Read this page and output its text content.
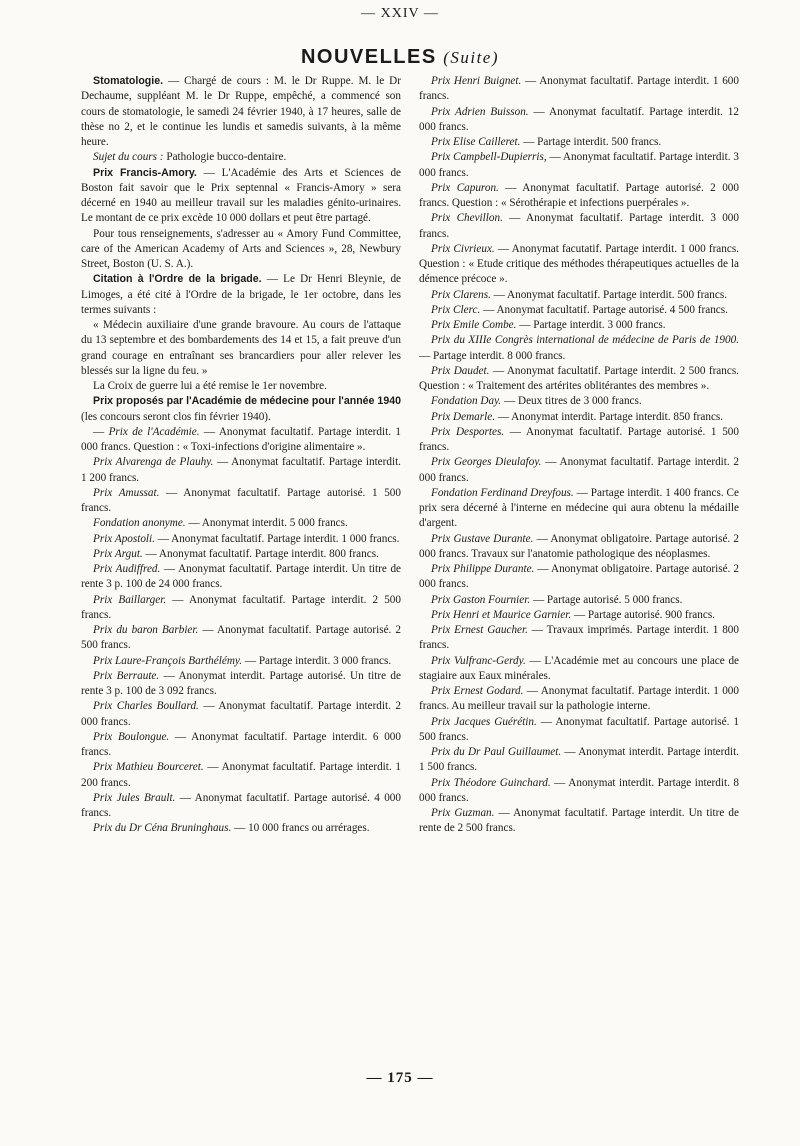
— XXIV —
NOUVELLES (Suite)

Stomatologie. — Chargé de cours : M. le Dr Ruppe. M. le Dr Dechaume, suppléant M. le Dr Ruppe, empêché, a commencé son cours de stomatologie, le samedi 24 février 1940, à 17 heures, salle de thèse no 2, et le continue les lundis et samedis suivants, à la même heure.

Sujet du cours : Pathologie bucco-dentaire.

Prix Francis-Amory. — L'Académie des Arts et Sciences de Boston fait savoir que le Prix septennal « Francis-Amory » sera décerné en 1940 au meilleur travail sur les maladies génito-urinaires. Le montant de ce prix excède 10 000 dollars et peut être partagé.

Pour tous renseignements, s'adresser au « Amory Fund Committee, care of the American Academy of Arts and Sciences », 28, Newbury Street, Boston (U. S. A.).

Citation à l'Ordre de la brigade. — Le Dr Henri Bleynie, de Limoges, a été cité à l'Ordre de la brigade, le 1er octobre, dans les termes suivants :

« Médecin auxiliaire d'une grande bravoure. Au cours de l'attaque du 13 septembre et des bombardements des 14 et 15, a fait preuve d'un grand courage en entraînant ses brancardiers pour aller relever les blessés sur la ligne du feu. »

La Croix de guerre lui a été remise le 1er novembre.

Prix proposés par l'Académie de médecine pour l'année 1940 (les concours seront clos fin février 1940).

— Prix de l'Académie. — Anonymat facultatif. Partage interdit. 1 000 francs. Question : « Toxi-infections d'origine alimentaire ».

Prix Alvarenga de Plauhy. — Anonymat facultatif. Partage interdit. 1 200 francs.

Prix Amussat. — Anonymat facultatif. Partage autorisé. 1 500 francs.

Fondation anonyme. — Anonymat interdit. 5 000 francs.

Prix Apostoli. — Anonymat facultatif. Partage interdit. 1 000 francs.

Prix Argut. — Anonymat facultatif. Partage interdit. 800 francs.

Prix Audiffred. — Anonymat facultatif. Partage interdit. Un titre de rente 3 p. 100 de 24 000 francs.

Prix Baillarger. — Anonymat facultatif. Partage interdit. 2 500 francs.

Prix du baron Barbier. — Anonymat facultatif. Partage autorisé. 2 500 francs.

Prix Laure-François Barthélémy. — Partage interdit. 3 000 francs.

Prix Berraute. — Anonymat interdit. Partage autorisé. Un titre de rente 3 p. 100 de 3 092 francs.

Prix Charles Boullard. — Anonymat facultatif. Partage interdit. 2 000 francs.

Prix Boulongue. — Anonymat facultatif. Partage interdit. 6 000 francs.

Prix Mathieu Bourceret. — Anonymat facultatif. Partage interdit. 1 200 francs.

Prix Jules Brault. — Anonymat facultatif. Partage autorisé. 4 000 francs.

Prix du Dr Céna Bruninghaus. — 10 000 francs ou arrérages.

Prix Henri Buignet. — Anonymat facultatif. Partage interdit. 1 600 francs.

Prix Adrien Buisson. — Anonymat facultatif. Partage interdit. 12 000 francs.

Prix Elise Cailleret. — Partage interdit. 500 francs.

Prix Campbell-Dupierris, — Anonymat facultatif. Partage interdit. 3 000 francs.

Prix Capuron. — Anonymat facultatif. Partage autorisé. 2 000 francs. Question : « Sérothérapie et infections puerpérales ».

Prix Chevillon. — Anonymat facultatif. Partage interdit. 3 000 francs.

Prix Civrieux. — Anonymat facutatif. Partage interdit. 1 000 francs. Question : « Etude critique des méthodes thérapeutiques actuelles de la démence précoce ».

Prix Clarens. — Anonymat facultatif. Partage interdit. 500 francs.

Prix Clerc. — Anonymat facultatif. Partage autorisé. 4 500 francs.

Prix Emile Combe. — Partage interdit. 3 000 francs.

Prix du XIIIe Congrès international de médecine de Paris de 1900. — Partage interdit. 8 000 francs.

Prix Daudet. — Anonymat facultatif. Partage interdit. 2 500 francs. Question : « Traitement des artérites oblitérantes des membres ».

Fondation Day. — Deux titres de 3 000 francs.

Prix Demarle. — Anonymat interdit. Partage interdit. 850 francs.

Prix Desportes. — Anonymat facultatif. Partage autorisé. 1 500 francs.

Prix Georges Dieulafoy. — Anonymat facultatif. Partage interdit. 2 000 francs.

Fondation Ferdinand Dreyfous. — Partage interdit. 1 400 francs. Ce prix sera décerné à l'interne en médecine qui aura obtenu la médaille d'argent.

Prix Gustave Durante. — Anonymat obligatoire. Partage autorisé. 2 000 francs. Travaux sur l'anatomie pathologique des néoplasmes.

Prix Philippe Durante. — Anonymat obligatoire. Partage autorisé. 2 000 francs.

Prix Gaston Fournier. — Partage autorisé. 5 000 francs.

Prix Henri et Maurice Garnier. — Partage autorisé. 900 francs.

Prix Ernest Gaucher. — Travaux imprimés. Partage interdit. 1 800 francs.

Prix Vulfranc-Gerdy. — L'Académie met au concours une place de stagiaire aux Eaux minérales.

Prix Ernest Godard. — Anonymat facultatif. Partage interdit. 1 000 francs. Au meilleur travail sur la pathologie interne.

Prix Jacques Guérétin. — Anonymat facultatif. Partage autorisé. 1 500 francs.

Prix du Dr Paul Guillaumet. — Anonymat interdit. Partage interdit. 1 500 francs.

Prix Théodore Guinchard. — Anonymat interdit. Partage interdit. 8 000 francs.

Prix Guzman. — Anonymat facultatif. Partage interdit. Un titre de rente de 2 500 francs.

— 175 —
